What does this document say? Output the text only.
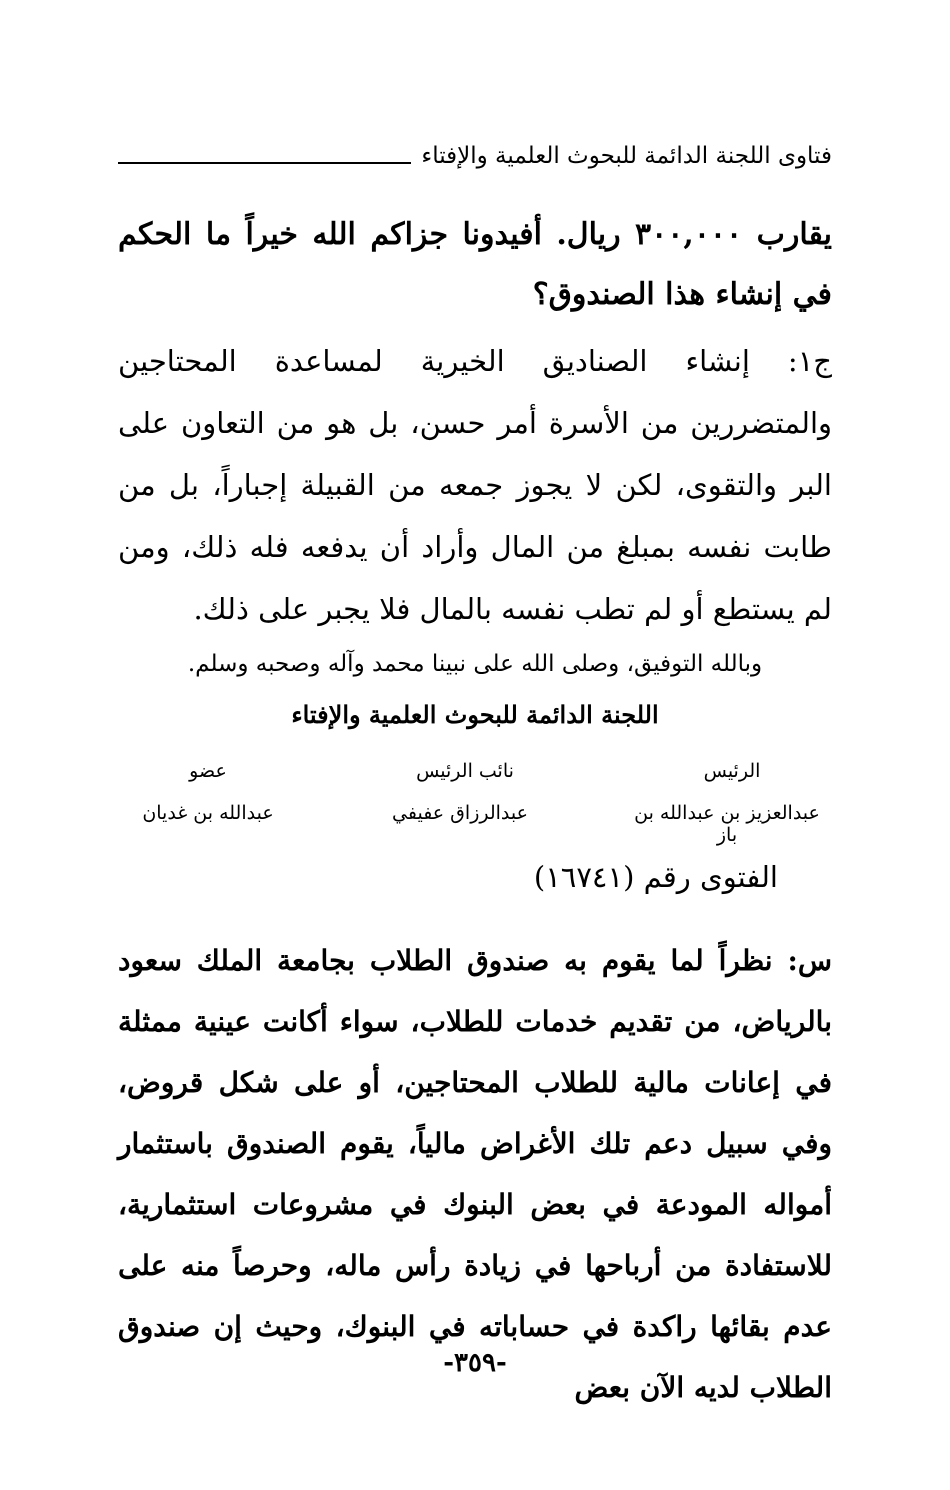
فتاوى اللجنة الدائمة للبحوث العلمية والإفتاء
يقارب ٣٠٠,٠٠٠ ريال. أفيدونا جزاكم الله خيراً ما الحكم في إنشاء هذا الصندوق؟
ج١: إنشاء الصناديق الخيرية لمساعدة المحتاجين والمتضررين من الأسرة أمر حسن، بل هو من التعاون على البر والتقوى، لكن لا يجوز جمعه من القبيلة إجباراً، بل من طابت نفسه بمبلغ من المال وأراد أن يدفعه فله ذلك، ومن لم يستطع أو لم تطب نفسه بالمال فلا يجبر على ذلك.
وبالله التوفيق، وصلى الله على نبينا محمد وآله وصحبه وسلم.
اللجنة الدائمة للبحوث العلمية والإفتاء
الرئيس
نائب الرئيس
عضو
عبدالعزيز بن عبدالله بن باز
عبدالرزاق عفيفي
عبدالله بن غديان
الفتوى رقم (١٦٧٤١)
س: نظراً لما يقوم به صندوق الطلاب بجامعة الملك سعود بالرياض، من تقديم خدمات للطلاب، سواء أكانت عينية ممثلة في إعانات مالية للطلاب المحتاجين، أو على شكل قروض، وفي سبيل دعم تلك الأغراض مالياً، يقوم الصندوق باستثمار أمواله المودعة في بعض البنوك في مشروعات استثمارية، للاستفادة من أرباحها في زيادة رأس ماله، وحرصاً منه على عدم بقائها راكدة في حساباته في البنوك، وحيث إن صندوق الطلاب لديه الآن بعض
-٣٥٩-
